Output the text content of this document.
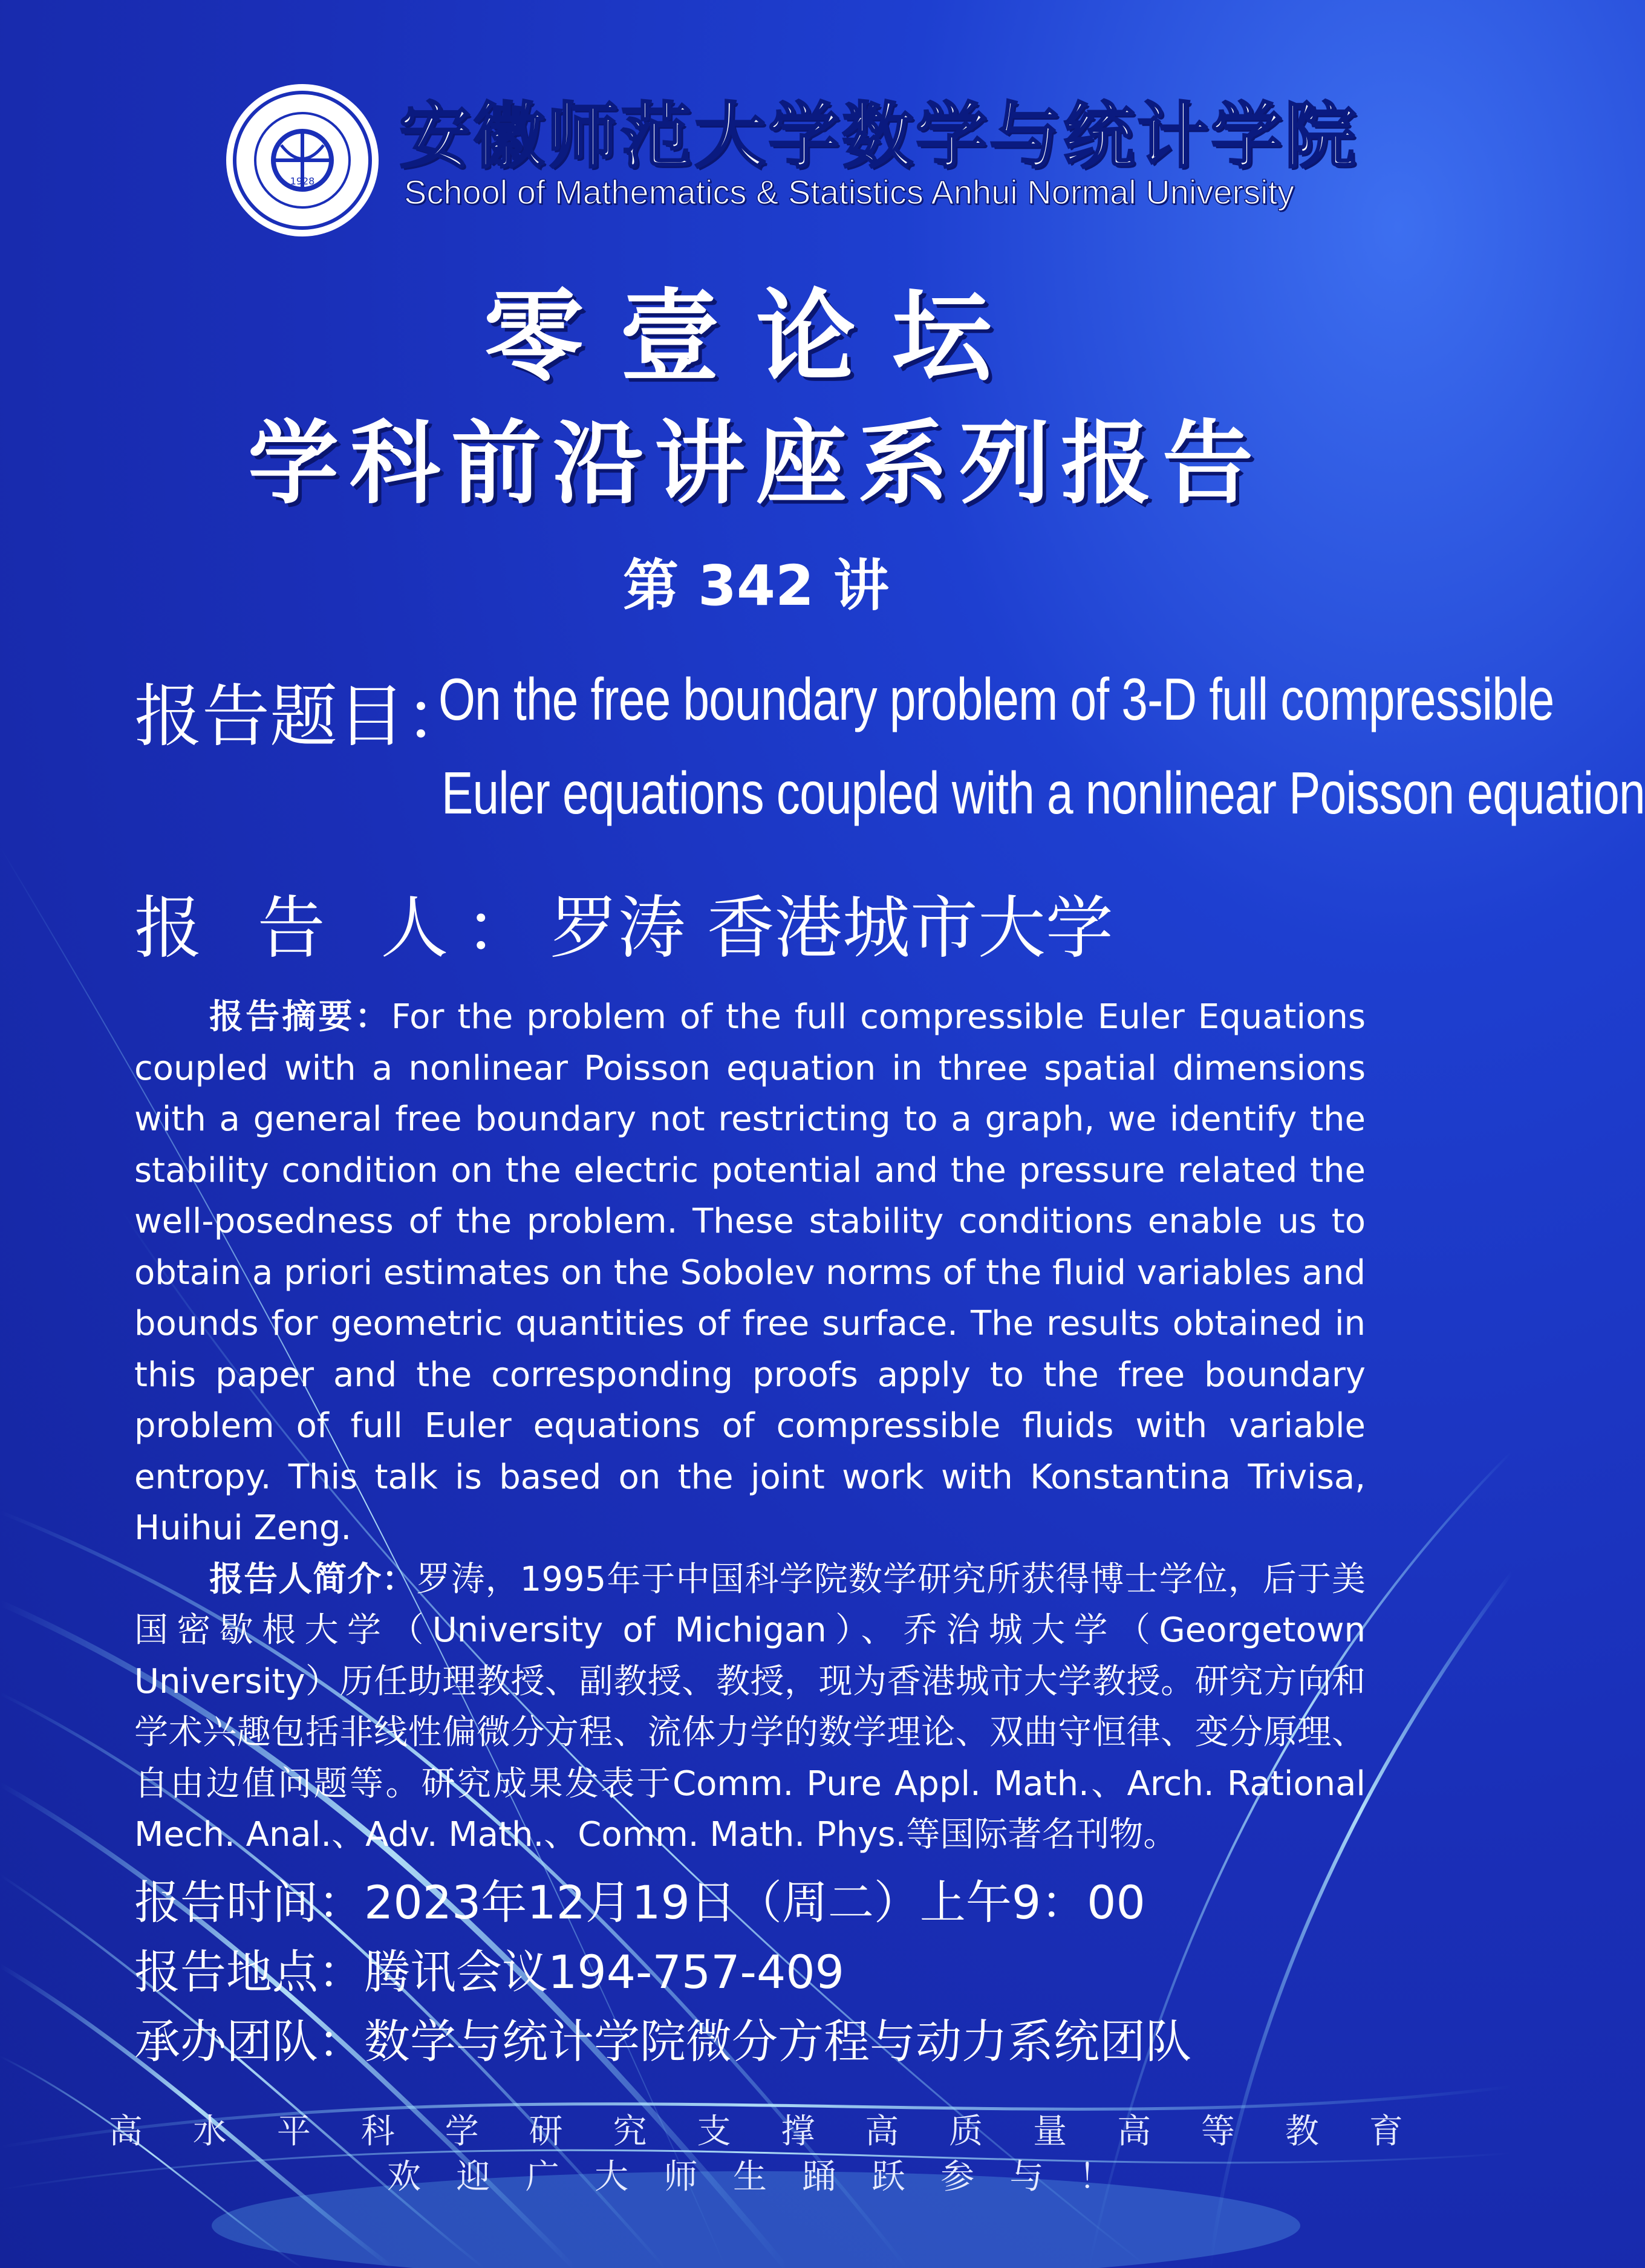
1928
安徽师范大学数学与统计学院
School of Mathematics & Statistics Anhui Normal University
零壹论坛
学科前沿讲座系列报告
第 342 讲
报告题目：
On the free boundary problem of 3-D full compressible
Euler equations coupled with a nonlinear Poisson equation
报 告 人：罗涛 香港城市大学

报告摘要：For the problem of the full compressible Euler Equations coupled with a nonlinear Poisson equation in three spatial dimensions with a general free boundary not restricting to a graph, we identify the stability condition on the electric potential and the pressure related the well-posedness of the problem. These stability conditions enable us to obtain a priori estimates on the Sobolev norms of the fluid variables and bounds for geometric quantities of free surface. The results obtained in this paper and the corresponding proofs apply to the free boundary problem of full Euler equations of compressible fluids with variable entropy. This talk is based on the joint work with Konstantina Trivisa, Huihui Zeng.

报告人简介：罗涛，1995年于中国科学院数学研究所获得博士学位，后于美国密歇根大学（University of Michigan）、乔治城大学（Georgetown University）历任助理教授、副教授、教授，现为香港城市大学教授。研究方向和学术兴趣包括非线性偏微分方程、流体力学的数学理论、双曲守恒律、变分原理、自由边值问题等。研究成果发表于Comm. Pure Appl. Math.、Arch. Rational Mech. Anal.、Adv. Math.、Comm. Math. Phys.等国际著名刊物。

报告时间：2023年12月19日（周二）上午9：00
报告地点：腾讯会议194-757-409
承办团队：数学与统计学院微分方程与动力系统团队
高 水 平 科 学 研 究 支 撑 高 质 量 高 等 教 育
欢 迎 广 大 师 生 踊 跃 参 与 ！
